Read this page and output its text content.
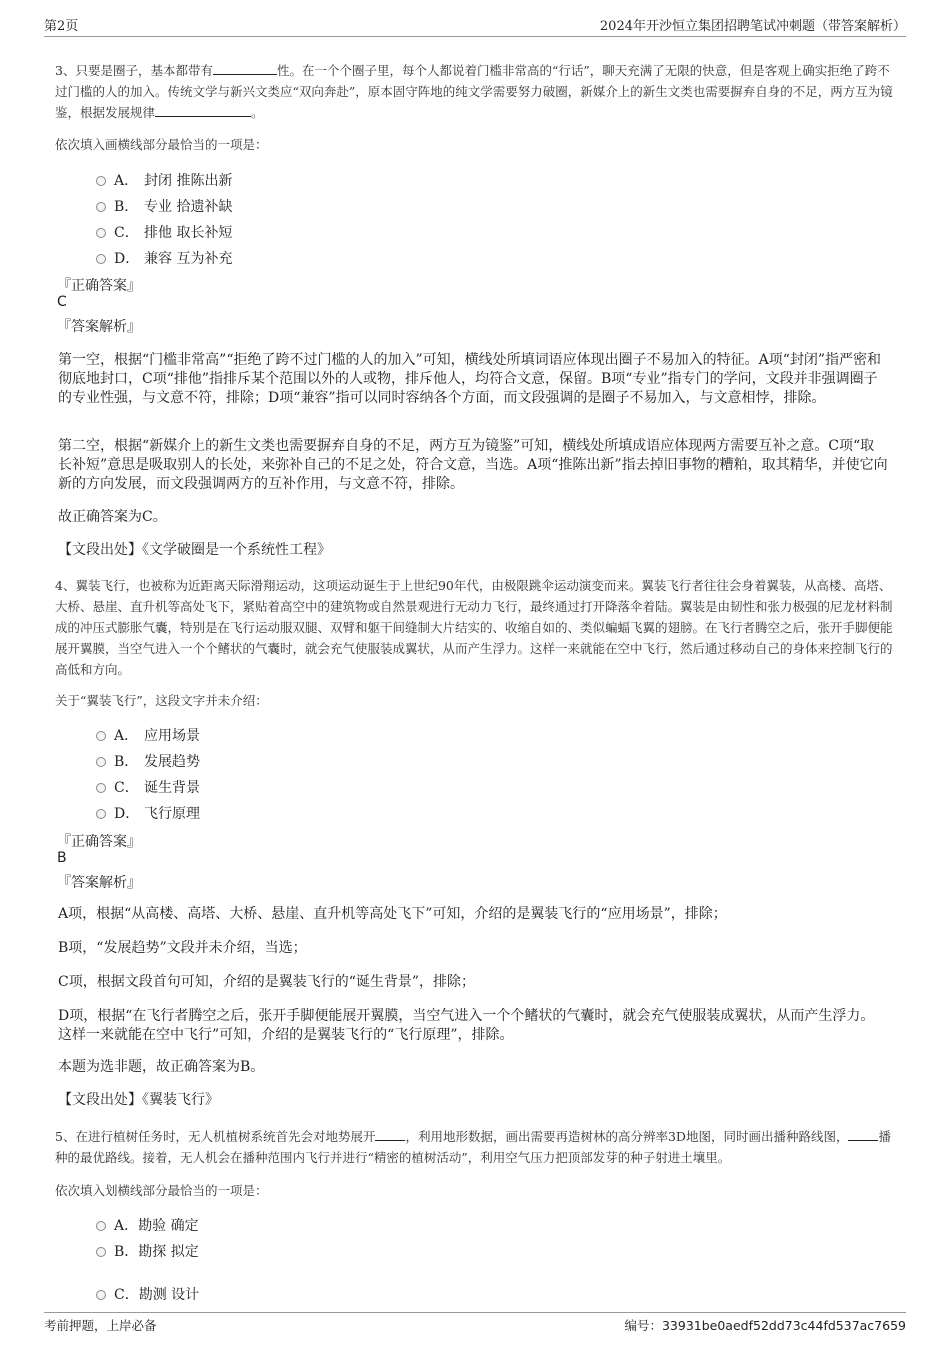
第2页	2024年开沙恒立集团招聘笔试冲刺题（带答案解析）
3、只要是圈子，基本都带有	性。在一个个圈子里，每个人都说着门槛非常高的“行话”，聊天充满了无限的快意，但是客观上确实拒绝了跨不过门槛的人的加入。传统文学与新兴文类应“双向奔赴”，原本固守阵地的纯文学需要努力破圈，新媒介上的新生文类也需要摒弃自身的不足，两方互为镜鉴，根据发展规律	。
依次填入画横线部分最恰当的一项是：
A． 封闭 推陈出新
B． 专业 拾遗补缺
C． 排他 取长补短
D． 兼容 互为补充
『正确答案』
C
『答案解析』
第一空，根据“门槛非常高”“拒绝了跨不过门槛的人的加入”可知，横线处所填词语应体现出圈子不易加入的特征。A项“封闭”指严密和彻底地封口，C项“排他”指排斥某个范围以外的人或物，排斥他人，均符合文意，保留。B项“专业”指专门的学问，文段并非强调圈子的专业性强，与文意不符，排除；D项“兼容”指可以同时容纳各个方面，而文段强调的是圈子不易加入，与文意相悖，排除。
第二空，根据“新媒介上的新生文类也需要摒弃自身的不足，两方互为镜鉴”可知，横线处所填成语应体现两方需要互补之意。C项“取长补短”意思是吸取别人的长处，来弥补自己的不足之处，符合文意，当选。A项“推陈出新”指去掉旧事物的糟粕，取其精华，并使它向新的方向发展，而文段强调两方的互补作用，与文意不符，排除。
故正确答案为C。
【文段出处】《文学破圈是一个系统性工程》
4、翼装飞行，也被称为近距离天际滑翔运动，这项运动诞生于上世纪90年代，由极限跳伞运动演变而来。翼装飞行者往往会身着翼装，从高楼、高塔、大桥、悬崖、直升机等高处飞下，紧贴着高空中的建筑物或自然景观进行无动力飞行，最终通过打开降落伞着陆。翼装是由韧性和张力极强的尼龙材料制成的冲压式膨胀气囊，特别是在飞行运动服双腿、双臂和躯干间缝制大片结实的、收缩自如的、类似蝙蝠飞翼的翅膀。在飞行者腾空之后，张开手脚便能展开翼膜，当空气进入一个个鳍状的气囊时，就会充气使服装成翼状，从而产生浮力。这样一来就能在空中飞行，然后通过移动自己的身体来控制飞行的高低和方向。
关于“翼装飞行”，这段文字并未介绍：
A． 应用场景
B． 发展趋势
C． 诞生背景
D． 飞行原理
『正确答案』
B
『答案解析』
A项，根据“从高楼、高塔、大桥、悬崖、直升机等高处飞下”可知，介绍的是翼装飞行的“应用场景”，排除；
B项，“发展趋势”文段并未介绍，当选；
C项，根据文段首句可知，介绍的是翼装飞行的“诞生背景”，排除；
D项，根据“在飞行者腾空之后，张开手脚便能展开翼膜，当空气进入一个个鳍状的气囊时，就会充气使服装成翼状，从而产生浮力。这样一来就能在空中飞行”可知，介绍的是翼装飞行的“飞行原理”，排除。
本题为选非题，故正确答案为B。
【文段出处】《翼装飞行》
5、在进行植树任务时，无人机植树系统首先会对地势展开 ，利用地形数据，画出需要再造树林的高分辨率3D地图，同时画出播种路线图， 播种的最优路线。接着，无人机会在播种范围内飞行并进行“精密的植树活动”，利用空气压力把顶部发芽的种子射进土壤里。
依次填入划横线部分最恰当的一项是：
A． 勘验 确定
B． 勘探 拟定
C． 勘测 设计
考前押题，上岸必备	编号：33931be0aedf52dd73c44fd537ac7659
